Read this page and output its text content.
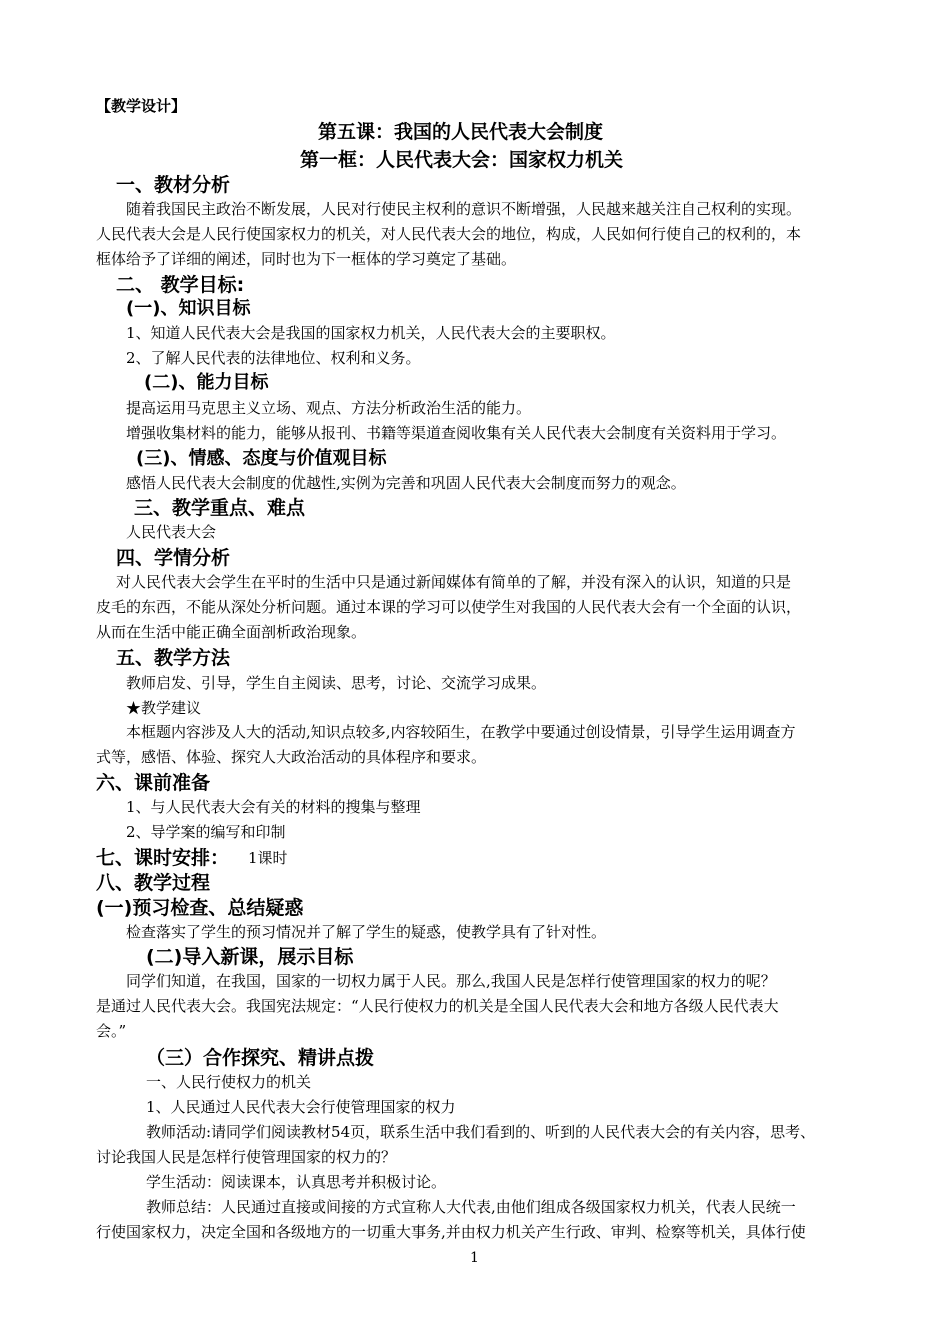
【教学设计】
第五课：我国的人民代表大会制度
第一框：人民代表大会：国家权力机关
一、教材分析
随着我国民主政治不断发展，人民对行使民主权利的意识不断增强，人民越来越关注自己权利的实现。
人民代表大会是人民行使国家权力的机关，对人民代表大会的地位，构成，人民如何行使自己的权利的，本
框体给予了详细的阐述，同时也为下一框体的学习奠定了基础。
二、 教学目标:
(一)、知识目标
1、知道人民代表大会是我国的国家权力机关，人民代表大会的主要职权。
2、了解人民代表的法律地位、权利和义务。
(二)、能力目标
提高运用马克思主义立场、观点、方法分析政治生活的能力。
增强收集材料的能力，能够从报刊、书籍等渠道查阅收集有关人民代表大会制度有关资料用于学习。
(三)、情感、态度与价值观目标
感悟人民代表大会制度的优越性,实例为完善和巩固人民代表大会制度而努力的观念。
三、教学重点、难点
人民代表大会
四、学情分析
对人民代表大会学生在平时的生活中只是通过新闻媒体有简单的了解，并没有深入的认识，知道的只是
皮毛的东西，不能从深处分析问题。通过本课的学习可以使学生对我国的人民代表大会有一个全面的认识，
从而在生活中能正确全面剖析政治现象。
五、教学方法
教师启发、引导，学生自主阅读、思考，讨论、交流学习成果。
★教学建议
本框题内容涉及人大的活动,知识点较多,内容较陌生，在教学中要通过创设情景，引导学生运用调查方
式等，感悟、体验、探究人大政治活动的具体程序和要求。
六、课前准备
1、与人民代表大会有关的材料的搜集与整理
2、导学案的编写和印制
七、课时安排： 1课时
八、教学过程
(一)预习检查、总结疑惑
检查落实了学生的预习情况并了解了学生的疑惑，使教学具有了针对性。
(二)导入新课，展示目标
同学们知道，在我国，国家的一切权力属于人民。那么,我国人民是怎样行使管理国家的权力的呢？
是通过人民代表大会。我国宪法规定：“人民行使权力的机关是全国人民代表大会和地方各级人民代表大
会。”
（三）合作探究、精讲点拨
一、人民行使权力的机关
1、人民通过人民代表大会行使管理国家的权力
教师活动:请同学们阅读教材54页，联系生活中我们看到的、听到的人民代表大会的有关内容，思考、
讨论我国人民是怎样行使管理国家的权力的？
学生活动：阅读课本，认真思考并积极讨论。
教师总结：人民通过直接或间接的方式宣称人大代表,由他们组成各级国家权力机关，代表人民统一
行使国家权力，决定全国和各级地方的一切重大事务,并由权力机关产生行政、审判、检察等机关，具体行使
1
